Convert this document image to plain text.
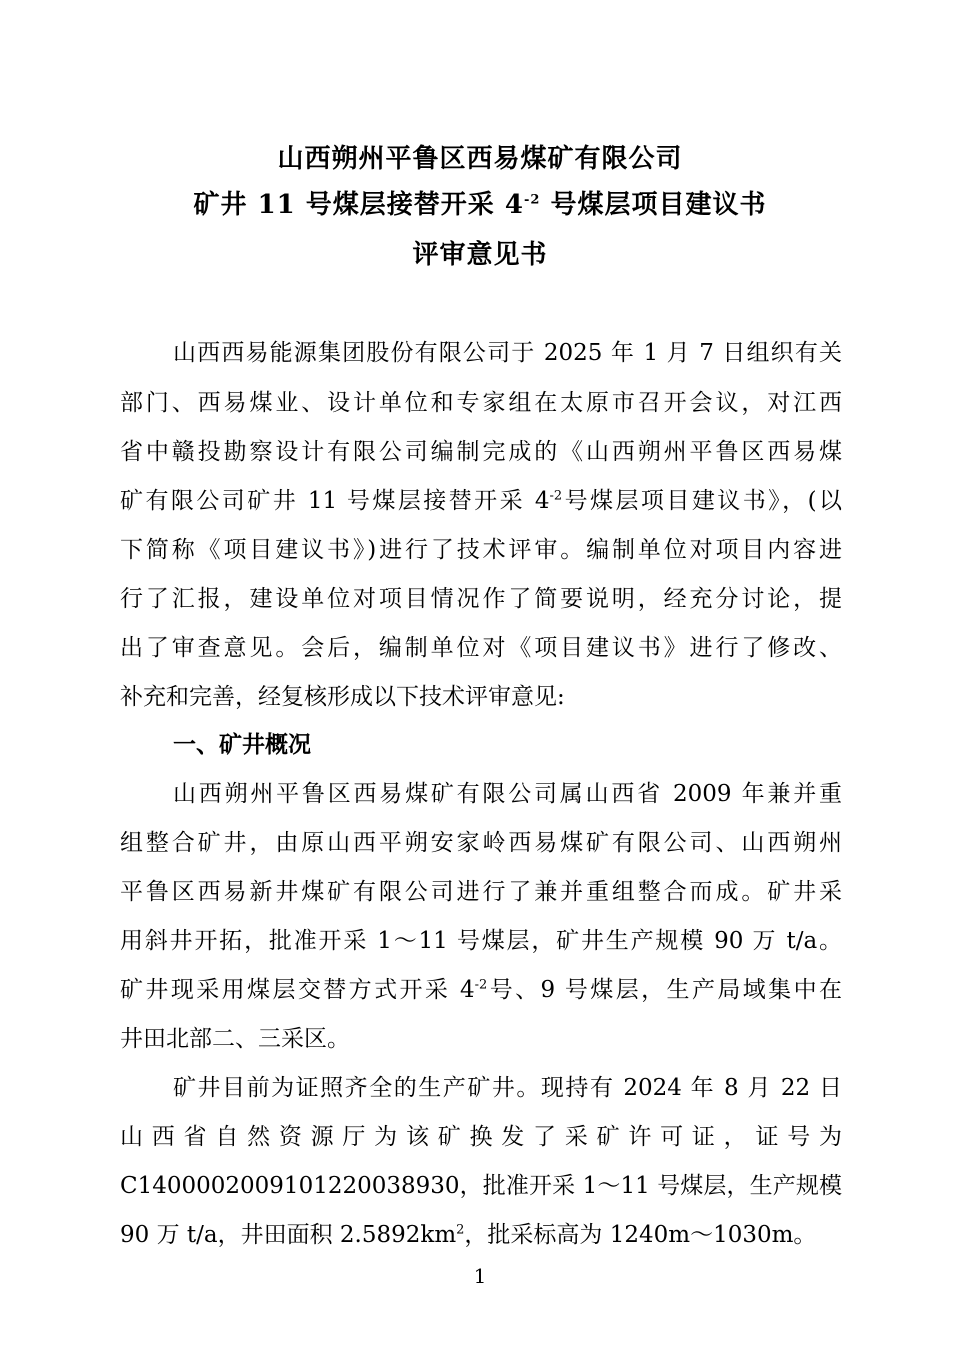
山西朔州平鲁区西易煤矿有限公司
矿井 11 号煤层接替开采 $4^{-2}$ 号煤层项目建议书
评审意见书
山西西易能源集团股份有限公司于 2025 年 1 月 7 日组织有关
部门、西易煤业、设计单位和专家组在太原市召开会议，对江西
省中赣投勘察设计有限公司编制完成的《山西朔州平鲁区西易煤
矿有限公司矿井 11 号煤层接替开采 $4^{-2}$号煤层项目建议书》，(以
下简称《项目建议书》)进行了技术评审。编制单位对项目内容进
行了汇报，建设单位对项目情况作了简要说明，经充分讨论，提
出了审查意见。会后，编制单位对《项目建议书》进行了修改、
补充和完善，经复核形成以下技术评审意见:
一、矿井概况
山西朔州平鲁区西易煤矿有限公司属山西省 2009 年兼并重
组整合矿井，由原山西平朔安家岭西易煤矿有限公司、山西朔州
平鲁区西易新井煤矿有限公司进行了兼并重组整合而成。矿井采
用斜井开拓，批准开采 1～11 号煤层，矿井生产规模 90 万 t/a。
矿井现采用煤层交替方式开采 $4^{-2}$号、9 号煤层，生产局域集中在
井田北部二、三采区。
矿井目前为证照齐全的生产矿井。现持有 2024 年 8 月 22 日
山 西 省 自 然 资 源 厅 为 该 矿 换 发 了 采 矿 许 可 证 ， 证 号 为
C1400002009101220038930，批准开采 1～11 号煤层，生产规模
90 万 t/a，井田面积 $2.5892km^2$，批采标高为 1240m～1030m。
1
